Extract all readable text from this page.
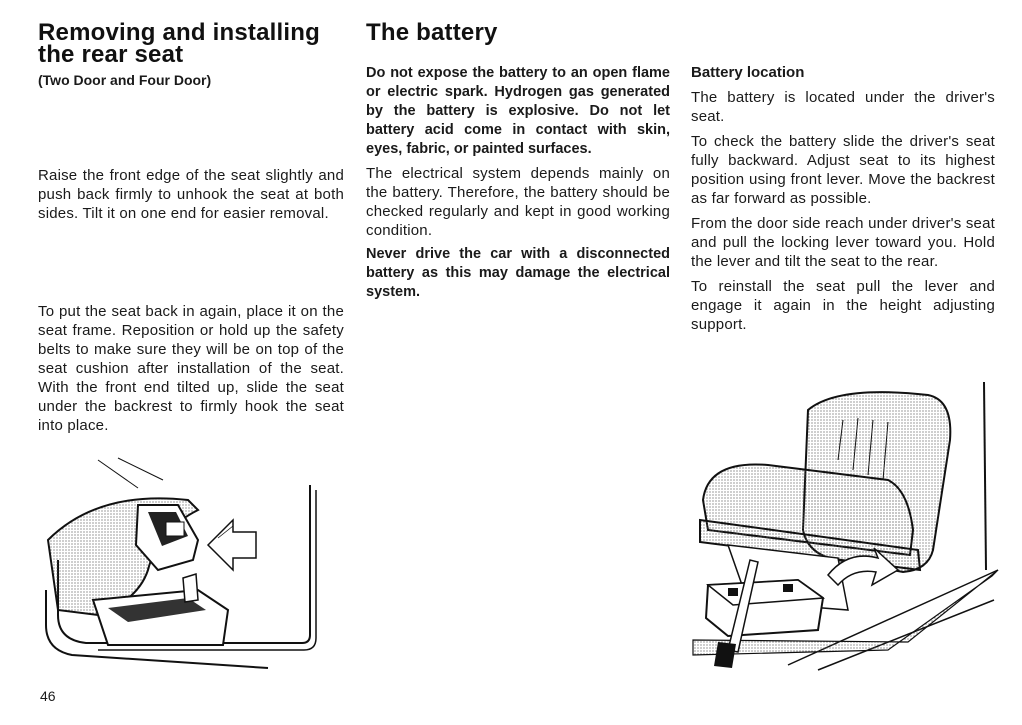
Removing and installing
the rear seat
(Two Door and Four Door)

Raise the front edge of the seat slightly and push back firmly to unhook the seat at both sides. Tilt it on one end for easier removal.

To put the seat back in again, place it on the seat frame. Reposition or hold up the safety belts to make sure they will be on top of the seat cushion after installation of the seat. With the front end tilted up, slide the seat under the backrest to firmly hook the seat into place.

The battery

Do not expose the battery to an open flame or electric spark. Hydrogen gas generated by the battery is explosive. Do not let battery acid come in contact with skin, eyes, fabric, or painted surfaces.

The electrical system depends mainly on the battery. Therefore, the battery should be checked regularly and kept in good working condition.

Never drive the car with a disconnected battery as this may damage the electrical system.

Battery location

The battery is located under the driver's seat.

To check the battery slide the driver's seat fully backward. Adjust seat to its highest position using front lever. Move the backrest as far forward as possible.

From the door side reach under driver's seat and pull the locking lever toward you. Hold the lever and tilt the seat to the rear.

To reinstall the seat pull the lever and engage it again in the height adjusting support.

46
